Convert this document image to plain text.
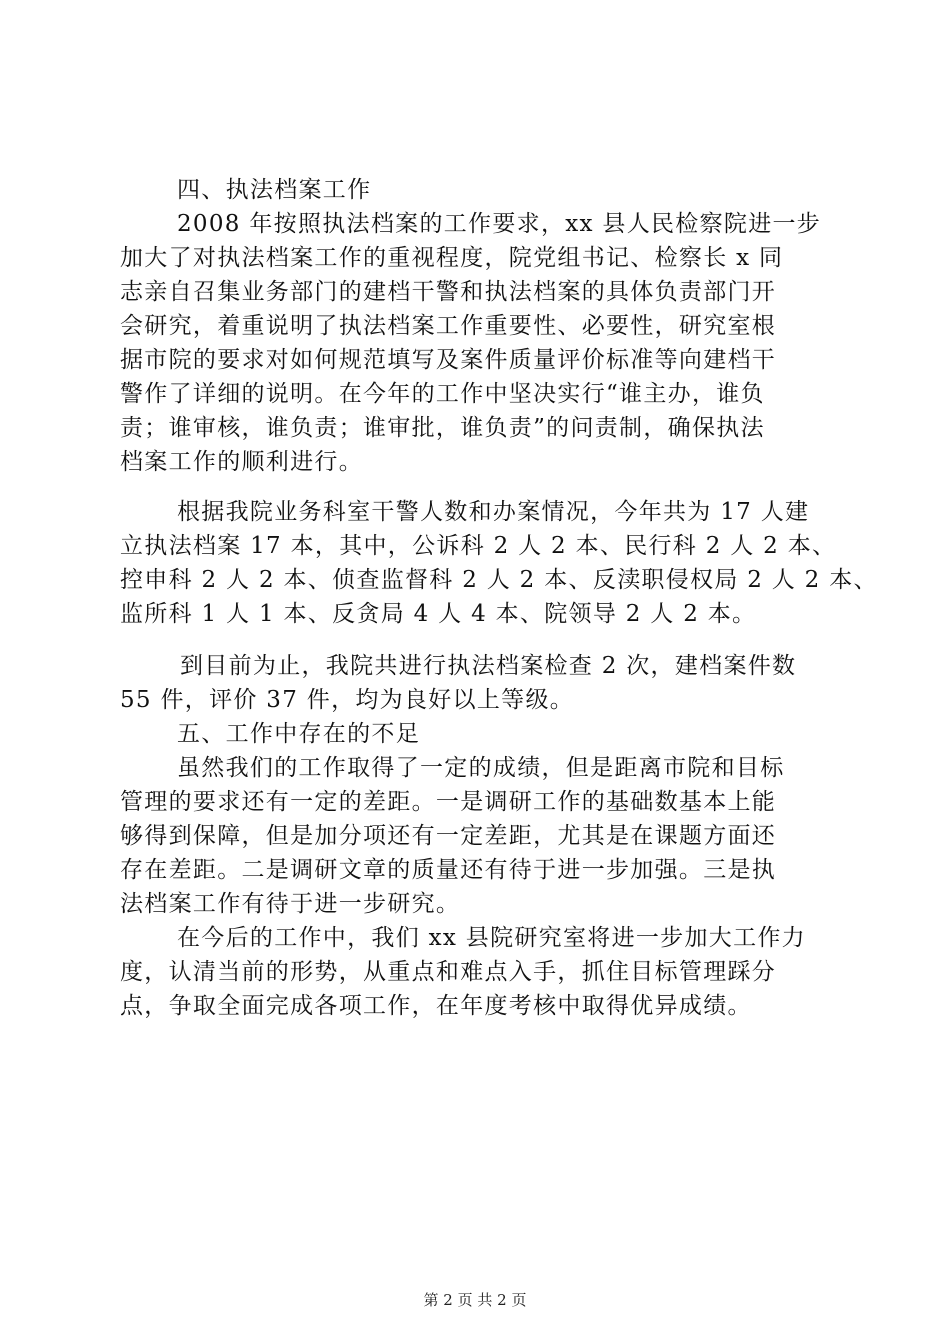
四、执法档案工作
2008 年按照执法档案的工作要求，xx 县人民检察院进一步
加大了对执法档案工作的重视程度，院党组书记、检察长 x 同
志亲自召集业务部门的建档干警和执法档案的具体负责部门开
会研究，着重说明了执法档案工作重要性、必要性，研究室根
据市院的要求对如何规范填写及案件质量评价标准等向建档干
警作了详细的说明。在今年的工作中坚决实行“谁主办，谁负
责；谁审核，谁负责；谁审批，谁负责”的问责制，确保执法
档案工作的顺利进行。
根据我院业务科室干警人数和办案情况，今年共为 17 人建
立执法档案 17 本，其中，公诉科 2 人 2 本、民行科 2 人 2 本、
控申科 2 人 2 本、侦查监督科 2 人 2 本、反渎职侵权局 2 人 2 本、
监所科 1 人 1 本、反贪局 4 人 4 本、院领导 2 人 2 本。
到目前为止，我院共进行执法档案检查 2 次，建档案件数
55 件，评价 37 件，均为良好以上等级。
五、工作中存在的不足
虽然我们的工作取得了一定的成绩，但是距离市院和目标
管理的要求还有一定的差距。一是调研工作的基础数基本上能
够得到保障，但是加分项还有一定差距，尤其是在课题方面还
存在差距。二是调研文章的质量还有待于进一步加强。三是执
法档案工作有待于进一步研究。
在今后的工作中，我们 xx 县院研究室将进一步加大工作力
度，认清当前的形势，从重点和难点入手，抓住目标管理踩分
点，争取全面完成各项工作，在年度考核中取得优异成绩。
第 2 页 共 2 页
